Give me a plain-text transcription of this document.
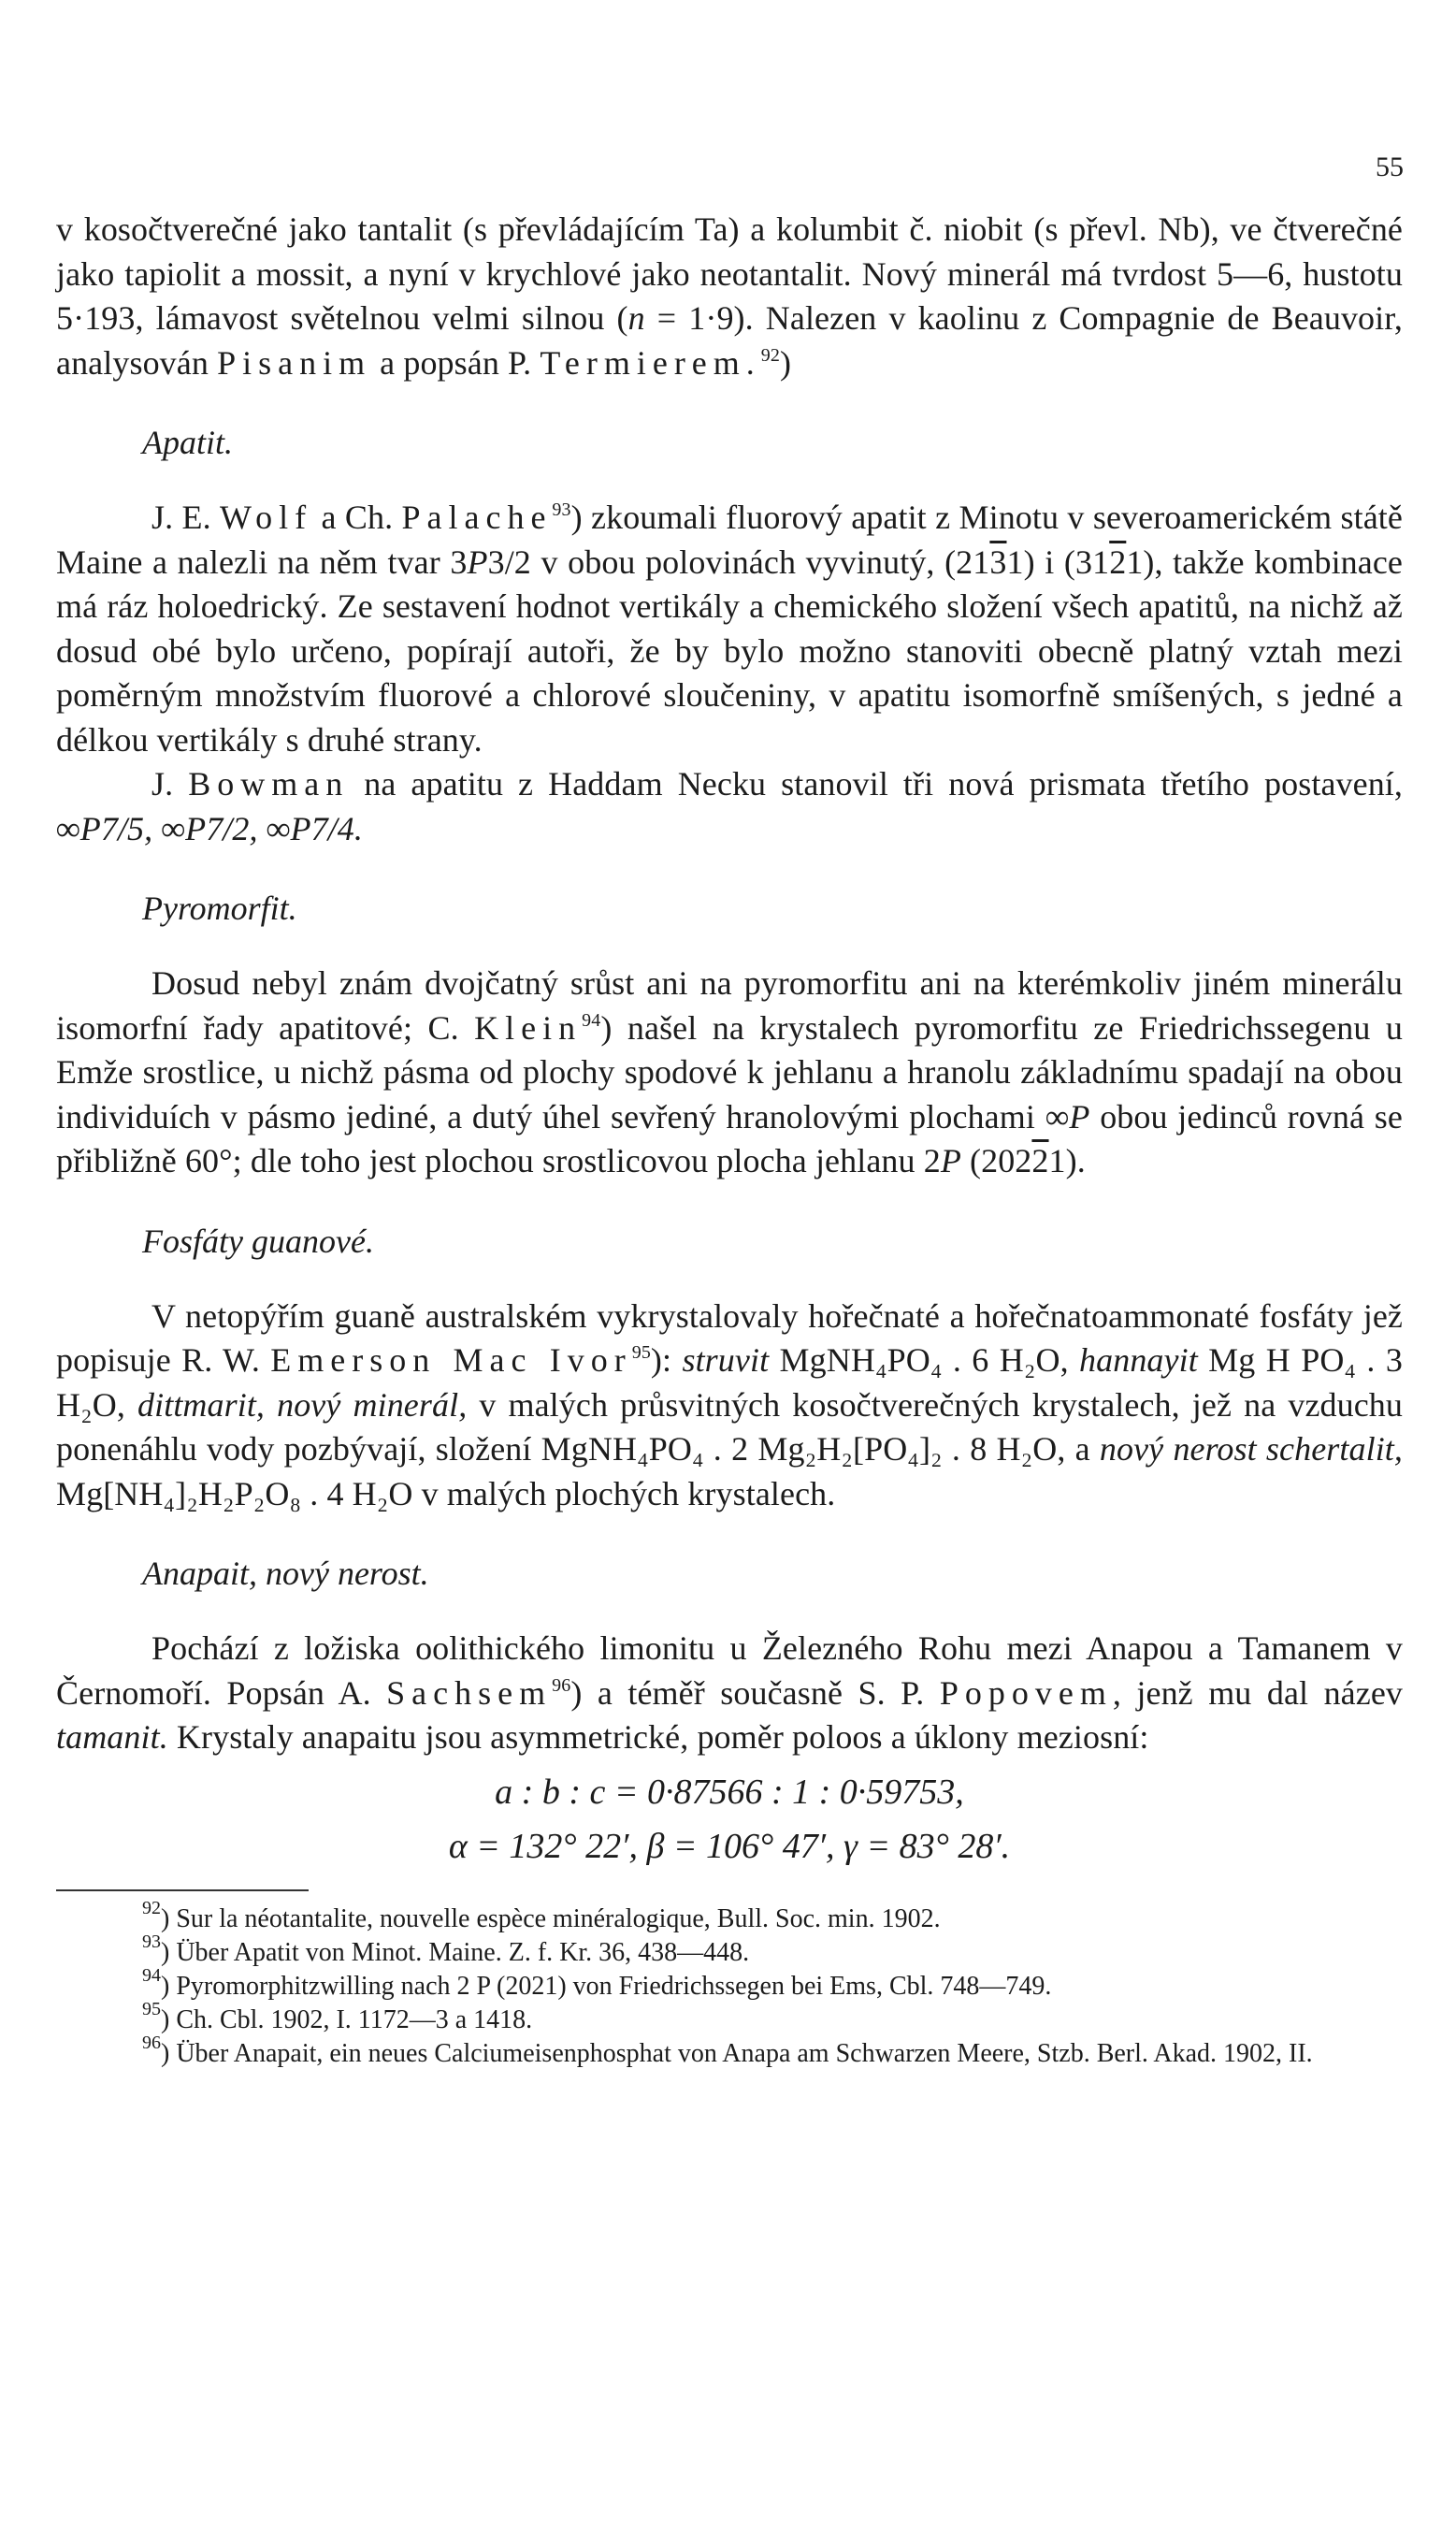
55

v kosočtverečné jako tantalit (s převládajícím Ta) a kolumbit č. niobit (s převl. Nb), ve čtverečné jako tapiolit a mossit, a nyní v krychlové jako neotantalit. Nový minerál má tvrdost 5—6, hustotu 5·193, lámavost světelnou velmi silnou (n = 1·9). Nalezen v kaolinu z Compagnie de Beauvoir, analysován Pisanim a popsán P. Termierem.$^{92}$)

Apatit.

J. E. Wolf a Ch. Palache$^{93}$) zkoumali fluorový apatit z Minotu v severoamerickém státě Maine a nalezli na něm tvar 3P3/2 v obou polovinách vyvinutý, (2131) i (3121), takže kombinace má ráz holoedrický. Ze sestavení hodnot vertikály a chemického složení všech apatitů, na nichž až dosud obé bylo určeno, popírají autoři, že by bylo možno stanoviti obecně platný vztah mezi poměrným množstvím fluorové a chlorové sloučeniny, v apatitu isomorfně smíšených, s jedné a délkou vertikály s druhé strany.

J. Bowman na apatitu z Haddam Necku stanovil tři nová prismata třetího postavení, ∞P7/5, ∞P7/2, ∞P7/4.

Pyromorfit.

Dosud nebyl znám dvojčatný srůst ani na pyromorfitu ani na kterémkoliv jiném minerálu isomorfní řady apatitové; C. Klein$^{94}$) našel na krystalech pyromorfitu ze Friedrichssegenu u Emže srostlice, u nichž pásma od plochy spodové k jehlanu a hranolu základnímu spadají na obou individuích v pásmo jediné, a dutý úhel sevřený hranolovými plochami ∞P obou jedinců rovná se přibližně 60°; dle toho jest plochou srostlicovou plocha jehlanu 2P (20221).

Fosfáty guanové.

V netopýřím guaně australském vykrystalovaly hořečnaté a hořečnatoammonaté fosfáty jež popisuje R. W. Emerson Mac Ivor$^{95}$): struvit MgNH₄PO₄ . 6 H₂O, hannayit Mg H PO₄ . 3 H₂O, dittmarit, nový minerál, v malých průsvitných kosočtverečných krystalech, jež na vzduchu ponenáhlu vody pozbývají, složení MgNH₄PO₄ . 2 Mg₂H₂[PO₄]₂ . 8 H₂O, a nový nerost schertalit, Mg[NH₄]₂H₂P₂O₈ . 4 H₂O v malých plochých krystalech.

Anapait, nový nerost.

Pochází z ložiska oolithického limonitu u Železného Rohu mezi Anapou a Tamanem v Černomoří. Popsán A. Sachsem$^{96}$) a téměř současně S. P. Popovem, jenž mu dal název tamanit. Krystaly anapaitu jsou asymmetrické, poměr poloos a úklony meziosní:

a : b : c = 0·87566 : 1 : 0·59753,
α = 132° 22′, β = 106° 47′, γ = 83° 28′.

$^{92}$) Sur la néotantalite, nouvelle espèce minéralogique, Bull. Soc. min. 1902.

$^{93}$) Über Apatit von Minot. Maine. Z. f. Kr. 36, 438—448.

$^{94}$) Pyromorphitzwilling nach 2 P (2021) von Friedrichssegen bei Ems, Cbl. 748—749.

$^{95}$) Ch. Cbl. 1902, I. 1172—3 a 1418.

$^{96}$) Über Anapait, ein neues Calciumeisenphosphat von Anapa am Schwarzen Meere, Stzb. Berl. Akad. 1902, II.
